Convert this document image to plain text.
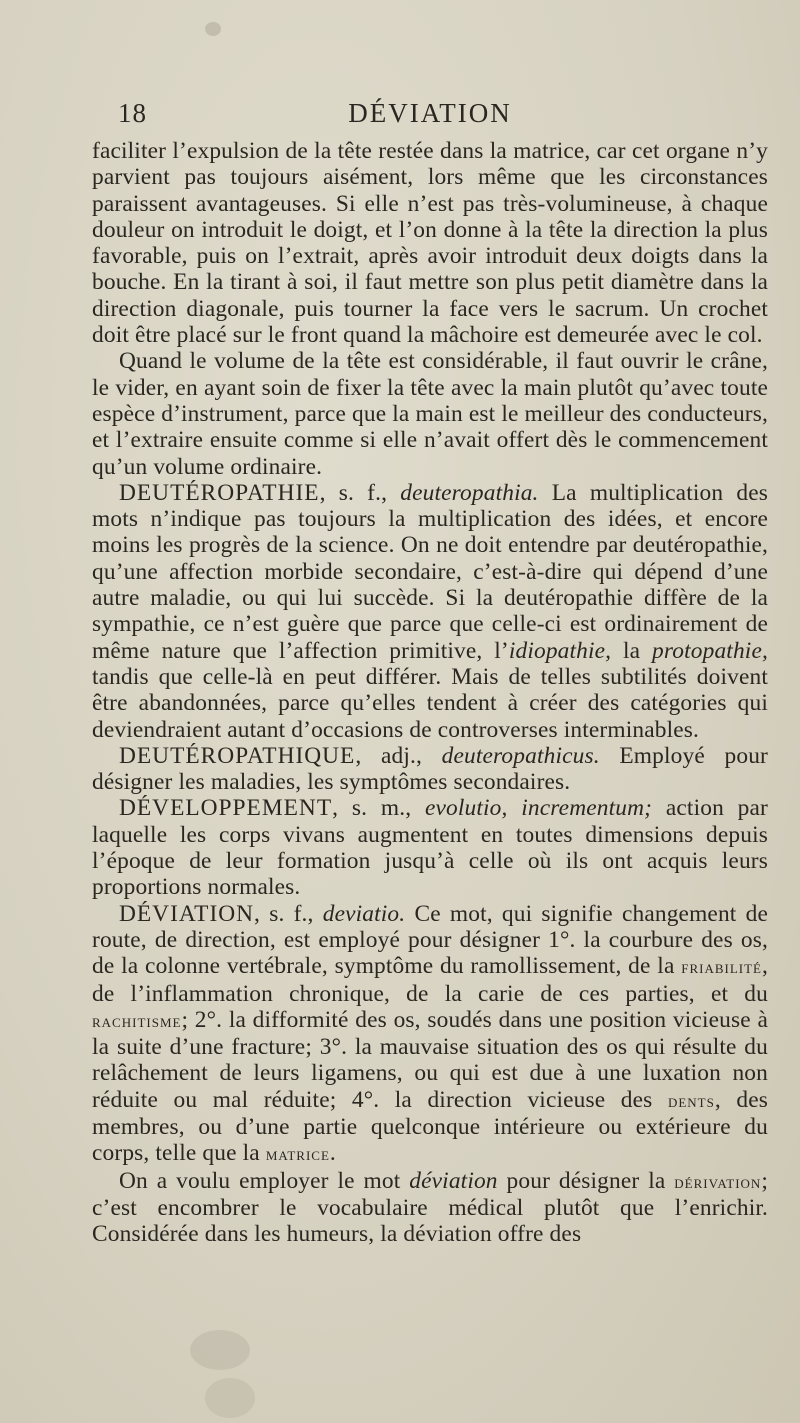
18	DÉVIATION

faciliter l’expulsion de la tête restée dans la matrice, car cet organe n’y parvient pas toujours aisément, lors même que les circonstances paraissent avantageuses. Si elle n’est pas très-volumineuse, à chaque douleur on introduit le doigt, et l’on donne à la tête la direction la plus favorable, puis on l’extrait, après avoir introduit deux doigts dans la bouche. En la tirant à soi, il faut mettre son plus petit diamètre dans la direction diagonale, puis tourner la face vers le sacrum. Un crochet doit être placé sur le front quand la mâchoire est demeurée avec le col.

Quand le volume de la tête est considérable, il faut ouvrir le crâne, le vider, en ayant soin de fixer la tête avec la main plutôt qu’avec toute espèce d’instrument, parce que la main est le meilleur des conducteurs, et l’extraire ensuite comme si elle n’avait offert dès le commencement qu’un volume ordinaire.

DEUTÉROPATHIE, s. f., deuteropathia. La multiplication des mots n’indique pas toujours la multiplication des idées, et encore moins les progrès de la science. On ne doit entendre par deutéropathie, qu’une affection morbide secondaire, c’est-à-dire qui dépend d’une autre maladie, ou qui lui succède. Si la deutéropathie diffère de la sympathie, ce n’est guère que parce que celle-ci est ordinairement de même nature que l’affection primitive, l’idiopathie, la protopathie, tandis que celle-là en peut différer. Mais de telles subtilités doivent être abandonnées, parce qu’elles tendent à créer des catégories qui deviendraient autant d’occasions de controverses interminables.

DEUTÉROPATHIQUE, adj., deuteropathicus. Employé pour désigner les maladies, les symptômes secondaires.

DÉVELOPPEMENT, s. m., evolutio, incrementum; action par laquelle les corps vivans augmentent en toutes dimensions depuis l’époque de leur formation jusqu’à celle où ils ont acquis leurs proportions normales.

DÉVIATION, s. f., deviatio. Ce mot, qui signifie changement de route, de direction, est employé pour désigner 1°. la courbure des os, de la colonne vertébrale, symptôme du ramollissement, de la friabilité, de l’inflammation chronique, de la carie de ces parties, et du rachitisme; 2°. la difformité des os, soudés dans une position vicieuse à la suite d’une fracture; 3°. la mauvaise situation des os qui résulte du relâchement de leurs ligamens, ou qui est due à une luxation non réduite ou mal réduite; 4°. la direction vicieuse des dents, des membres, ou d’une partie quelconque intérieure ou extérieure du corps, telle que la matrice.

On a voulu employer le mot déviation pour désigner la dérivation; c’est encombrer le vocabulaire médical plutôt que l’enrichir. Considérée dans les humeurs, la déviation offre des
